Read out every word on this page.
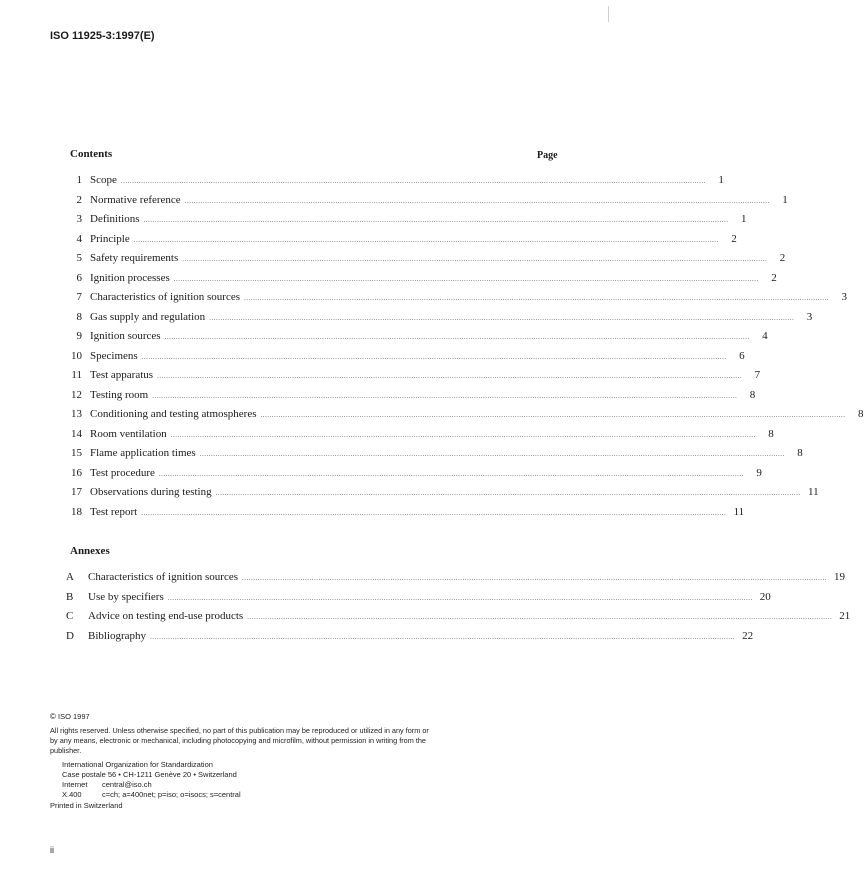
ISO 11925-3:1997(E)
Contents	Page
1 Scope ....................................................................................................................................................................................................................................................................	1
2 Normative reference ....................................................................................................................................................................................................................................................................	1
3 Definitions ....................................................................................................................................................................................................................................................................	1
4 Principle ....................................................................................................................................................................................................................................................................	2
5 Safety requirements ....................................................................................................................................................................................................................................................................	2
6 Ignition processes ....................................................................................................................................................................................................................................................................	2
7 Characteristics of ignition sources ....................................................................................................................................................................................................................................................................	3
8 Gas supply and regulation ....................................................................................................................................................................................................................................................................	3
9 Ignition sources ....................................................................................................................................................................................................................................................................	4
10 Specimens ....................................................................................................................................................................................................................................................................	6
11 Test apparatus ....................................................................................................................................................................................................................................................................	7
12 Testing room ....................................................................................................................................................................................................................................................................	8
13 Conditioning and testing atmospheres ....................................................................................................................................................................................................................................................................	8
14 Room ventilation ....................................................................................................................................................................................................................................................................	8
15 Flame application times ....................................................................................................................................................................................................................................................................	8
16 Test procedure ....................................................................................................................................................................................................................................................................	9
17 Observations during testing .................................................................................................................................................................................................................................................................... 11
18 Test report .................................................................................................................................................................................................................................................................... 11
Annexes
A	Characteristics of ignition sources .................................................................................................................................................................................................................................................................... 19
B	Use by specifiers .................................................................................................................................................................................................................................................................... 20
C	Advice on testing end-use products .................................................................................................................................................................................................................................................................... 21
D	Bibliography .................................................................................................................................................................................................................................................................... 22
© ISO 1997
All rights reserved. Unless otherwise specified, no part of this publication may be reproduced or utilized in any form or by any means, electronic or mechanical, including photocopying and microfilm, without permission in writing from the publisher.
International Organization for Standardization
Case postale 56 • CH-1211 Genève 20 • Switzerland
Internet central@iso.ch
X.400	c=ch; a=400net; p=iso; o=isocs; s=central
Printed in Switzerland
ii
